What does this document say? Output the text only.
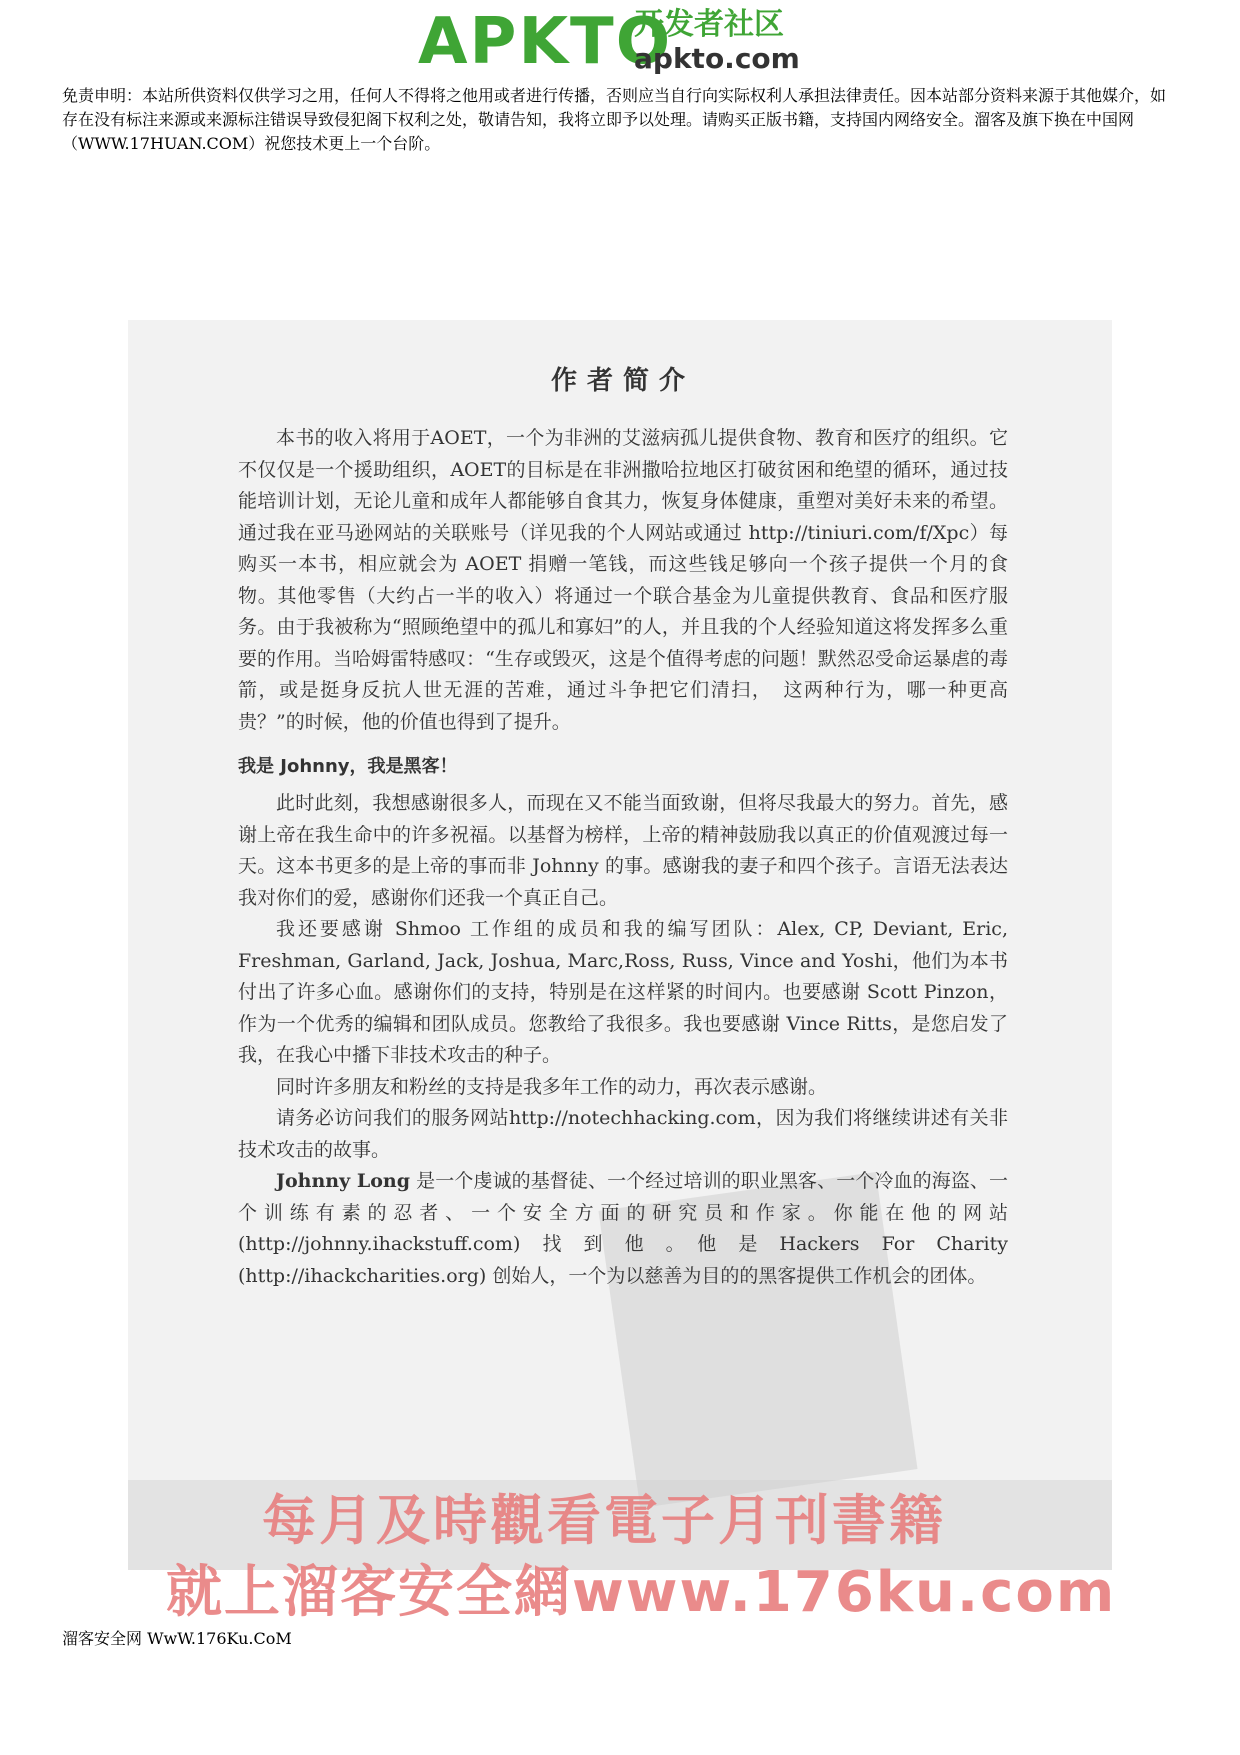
APKTO
开发者社区
apkto.com

免责申明：本站所供资料仅供学习之用，任何人不得将之他用或者进行传播，否则应当自行向实际权利人承担法律责任。因本站部分资料来源于其他媒介，如存在没有标注来源或来源标注错误导致侵犯阁下权利之处，敬请告知，我将立即予以处理。请购买正版书籍，支持国内网络安全。溜客及旗下换在中国网（WWW.17HUAN.COM）祝您技术更上一个台阶。

作者简介

本书的收入将用于AOET，一个为非洲的艾滋病孤儿提供食物、教育和医疗的组织。它不仅仅是一个援助组织，AOET的目标是在非洲撒哈拉地区打破贫困和绝望的循环，通过技能培训计划，无论儿童和成年人都能够自食其力，恢复身体健康，重塑对美好未来的希望。通过我在亚马逊网站的关联账号（详见我的个人网站或通过 http://tiniuri.com/f/Xpc）每购买一本书，相应就会为 AOET 捐赠一笔钱，而这些钱足够向一个孩子提供一个月的食物。其他零售（大约占一半的收入）将通过一个联合基金为儿童提供教育、食品和医疗服务。由于我被称为“照顾绝望中的孤儿和寡妇”的人，并且我的个人经验知道这将发挥多么重要的作用。当哈姆雷特感叹：“生存或毁灭，这是个值得考虑的问题！默然忍受命运暴虐的毒箭，或是挺身反抗人世无涯的苦难，通过斗争把它们清扫，　这两种行为，哪一种更高贵？”的时候，他的价值也得到了提升。

我是 Johnny，我是黑客！

此时此刻，我想感谢很多人，而现在又不能当面致谢，但将尽我最大的努力。首先，感谢上帝在我生命中的许多祝福。以基督为榜样，上帝的精神鼓励我以真正的价值观渡过每一天。这本书更多的是上帝的事而非 Johnny 的事。感谢我的妻子和四个孩子。言语无法表达我对你们的爱，感谢你们还我一个真正自己。

我还要感谢 Shmoo 工作组的成员和我的编写团队：Alex, CP, Deviant, Eric, Freshman, Garland, Jack, Joshua, Marc,Ross, Russ, Vince and Yoshi，他们为本书付出了许多心血。感谢你们的支持，特别是在这样紧的时间内。也要感谢 Scott Pinzon，作为一个优秀的编辑和团队成员。您教给了我很多。我也要感谢 Vince Ritts，是您启发了我，在我心中播下非技术攻击的种子。

同时许多朋友和粉丝的支持是我多年工作的动力，再次表示感谢。

请务必访问我们的服务网站http://notechhacking.com，因为我们将继续讲述有关非技术攻击的故事。

Johnny Long 是一个虔诚的基督徒、一个经过培训的职业黑客、一个冷血的海盗、一个训练有素的忍者、一个安全方面的研究员和作家。你能在他的网站(http://johnny.ihackstuff.com)　找　到　他　。　他　是　Hackers　For　Charity (http://ihackcharities.org) 创始人，一个为以慈善为目的的黑客提供工作机会的团体。

每月及時觀看電子月刊書籍
就上溜客安全網www.176ku.com
溜客安全网 WwW.176Ku.CoM
